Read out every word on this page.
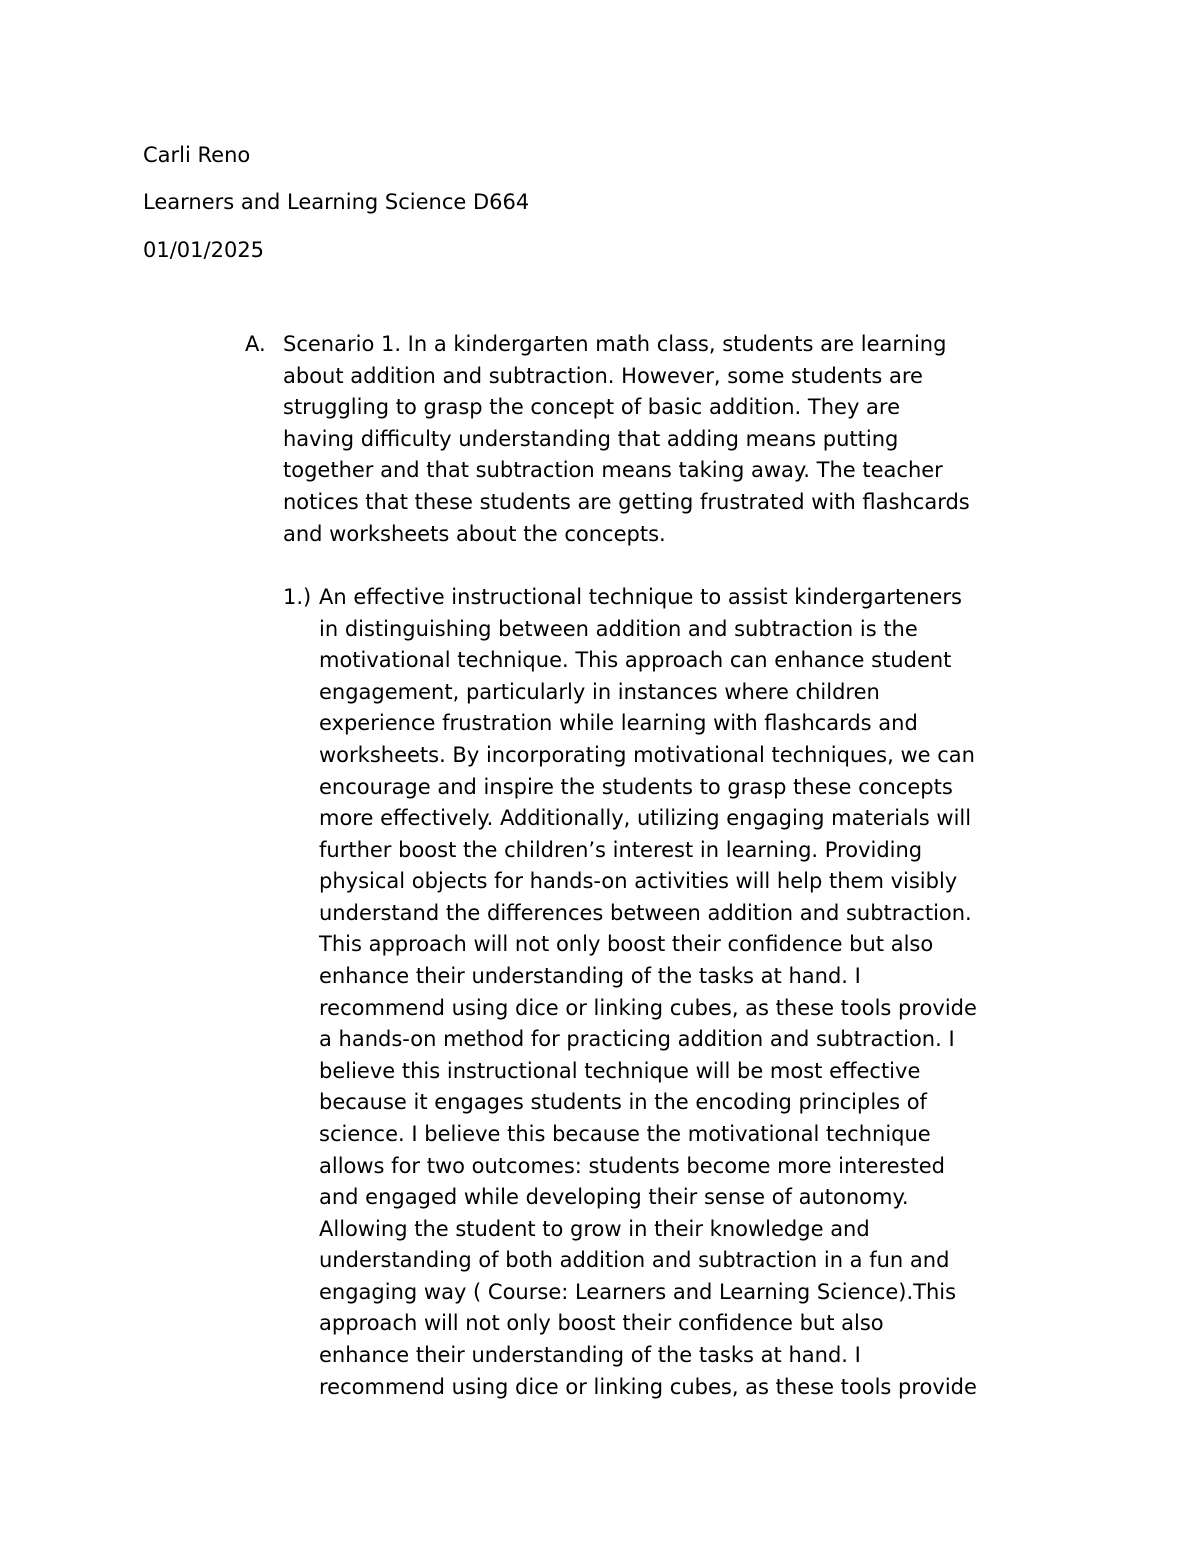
Carli Reno
Learners and Learning Science D664
01/01/2025
A. Scenario 1. In a kindergarten math class, students are learning
about addition and subtraction. However, some students are
struggling to grasp the concept of basic addition. They are
having difficulty understanding that adding means putting
together and that subtraction means taking away. The teacher
notices that these students are getting frustrated with flashcards
and worksheets about the concepts.
1.) An effective instructional technique to assist kindergarteners
in distinguishing between addition and subtraction is the
motivational technique. This approach can enhance student
engagement, particularly in instances where children
experience frustration while learning with flashcards and
worksheets. By incorporating motivational techniques, we can
encourage and inspire the students to grasp these concepts
more effectively. Additionally, utilizing engaging materials will
further boost the children’s interest in learning. Providing
physical objects for hands-on activities will help them visibly
understand the differences between addition and subtraction.
This approach will not only boost their confidence but also
enhance their understanding of the tasks at hand. I
recommend using dice or linking cubes, as these tools provide
a hands-on method for practicing addition and subtraction. I
believe this instructional technique will be most effective
because it engages students in the encoding principles of
science. I believe this because the motivational technique
allows for two outcomes: students become more interested
and engaged while developing their sense of autonomy.
Allowing the student to grow in their knowledge and
understanding of both addition and subtraction in a fun and
engaging way ( Course: Learners and Learning Science).This
approach will not only boost their confidence but also
enhance their understanding of the tasks at hand. I
recommend using dice or linking cubes, as these tools provide
